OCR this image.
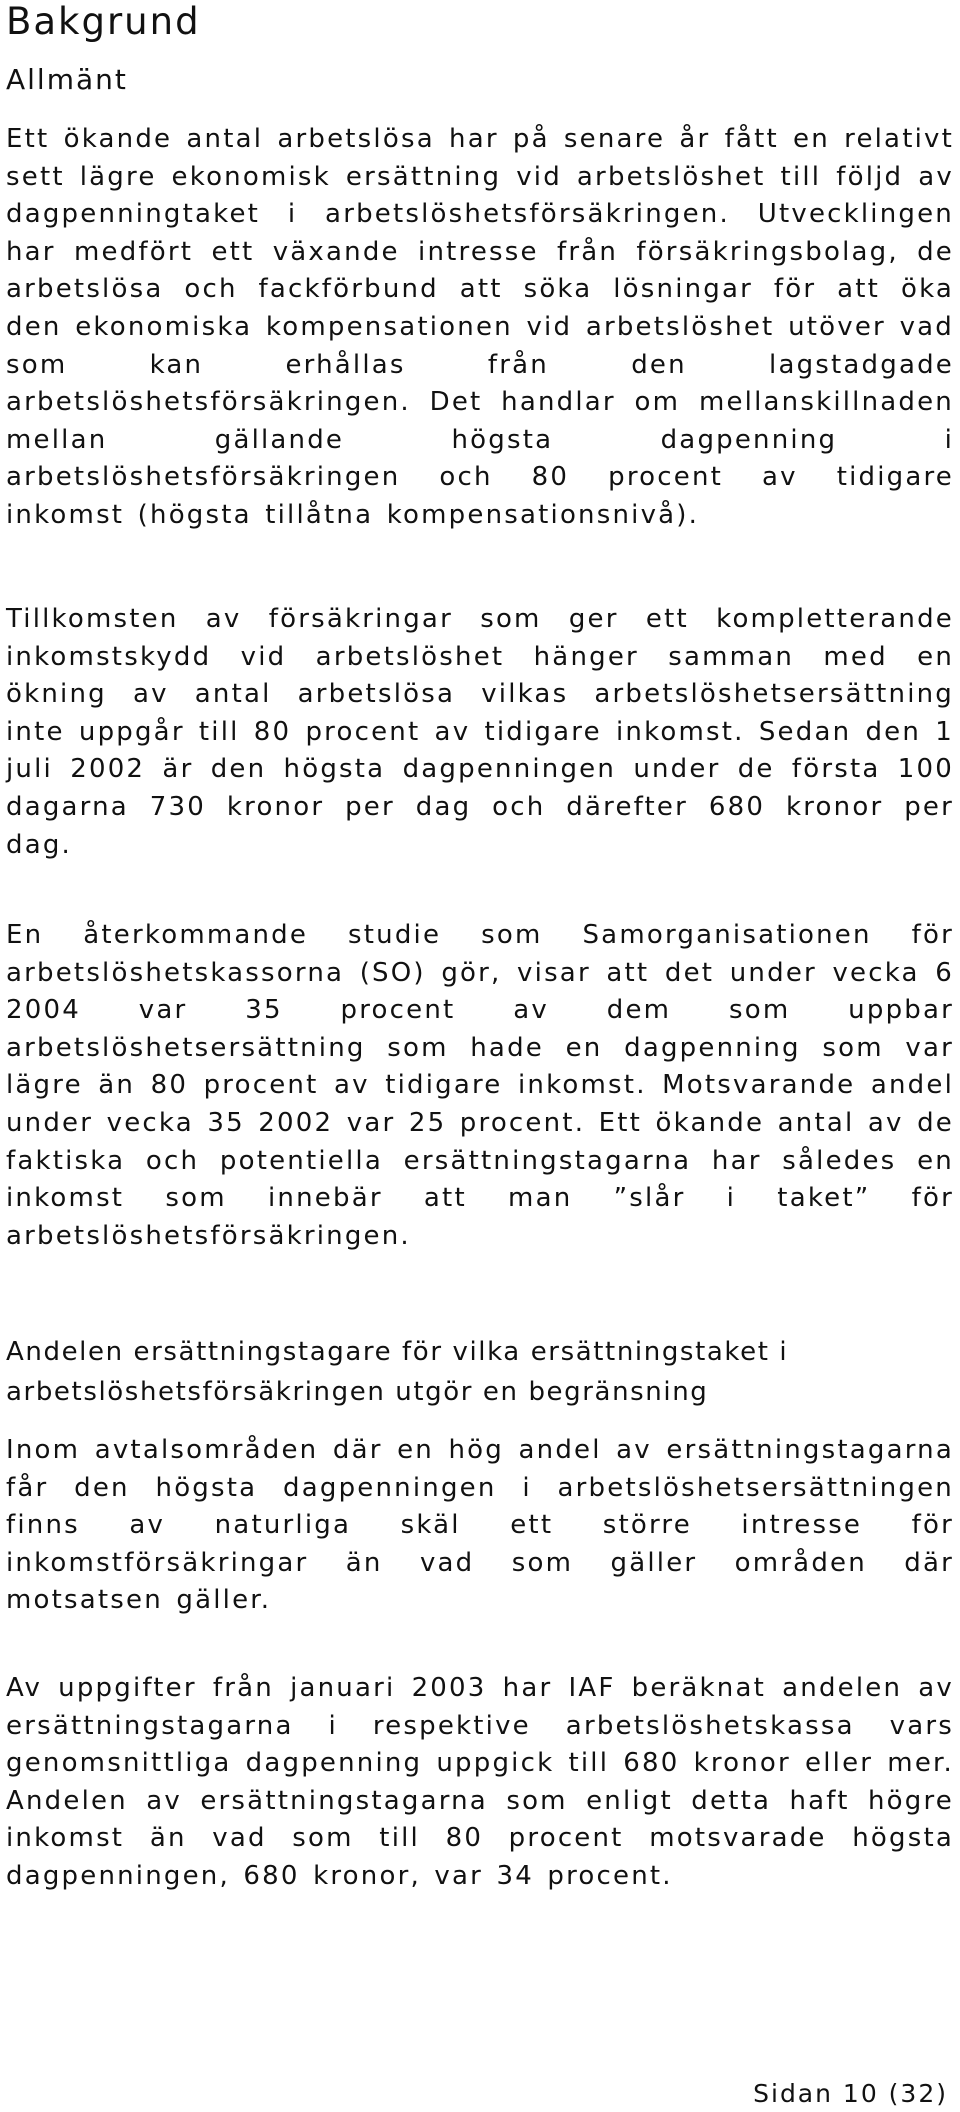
Bakgrund
Allmänt

Ett ökande antal arbetslösa har på senare år fått en relativt sett lägre ekonomisk ersättning vid arbetslöshet till följd av dagpenningtaket i arbetslöshetsförsäkringen. Utvecklingen har medfört ett växande intresse från försäkringsbolag, de arbetslösa och fackförbund att söka lösningar för att öka den ekonomiska kompensationen vid arbetslöshet utöver vad som kan erhållas från den lagstadgade arbetslöshetsförsäkringen. Det handlar om mellanskillnaden mellan gällande högsta dagpenning i arbetslöshetsförsäkringen och 80 procent av tidigare inkomst (högsta tillåtna kompensationsnivå).

Tillkomsten av försäkringar som ger ett kompletterande inkomstskydd vid arbetslöshet hänger samman med en ökning av antal arbetslösa vilkas arbetslöshetsersättning inte uppgår till 80 procent av tidigare inkomst. Sedan den 1 juli 2002 är den högsta dagpenningen under de första 100 dagarna 730 kronor per dag och därefter 680 kronor per dag.

En återkommande studie som Samorganisationen för arbetslöshetskassorna (SO) gör, visar att det under vecka 6 2004 var 35 procent av dem som uppbar arbetslöshetsersättning som hade en dagpenning som var lägre än 80 procent av tidigare inkomst. Motsvarande andel under vecka 35 2002 var 25 procent. Ett ökande antal av de faktiska och potentiella ersättningstagarna har således en inkomst som innebär att man ”slår i taket” för arbetslöshetsförsäkringen.

Andelen ersättningstagare för vilka ersättningstaket i arbetslöshetsförsäkringen utgör en begränsning

Inom avtalsområden där en hög andel av ersättningstagarna får den högsta dagpenningen i arbetslöshetsersättningen finns av naturliga skäl ett större intresse för inkomstförsäkringar än vad som gäller områden där motsatsen gäller.

Av uppgifter från januari 2003 har IAF beräknat andelen av ersättningstagarna i respektive arbetslöshetskassa vars genomsnittliga dagpenning uppgick till 680 kronor eller mer. Andelen av ersättningstagarna som enligt detta haft högre inkomst än vad som till 80 procent motsvarade högsta dagpenningen, 680 kronor, var 34 procent.

Sidan 10 (32)
